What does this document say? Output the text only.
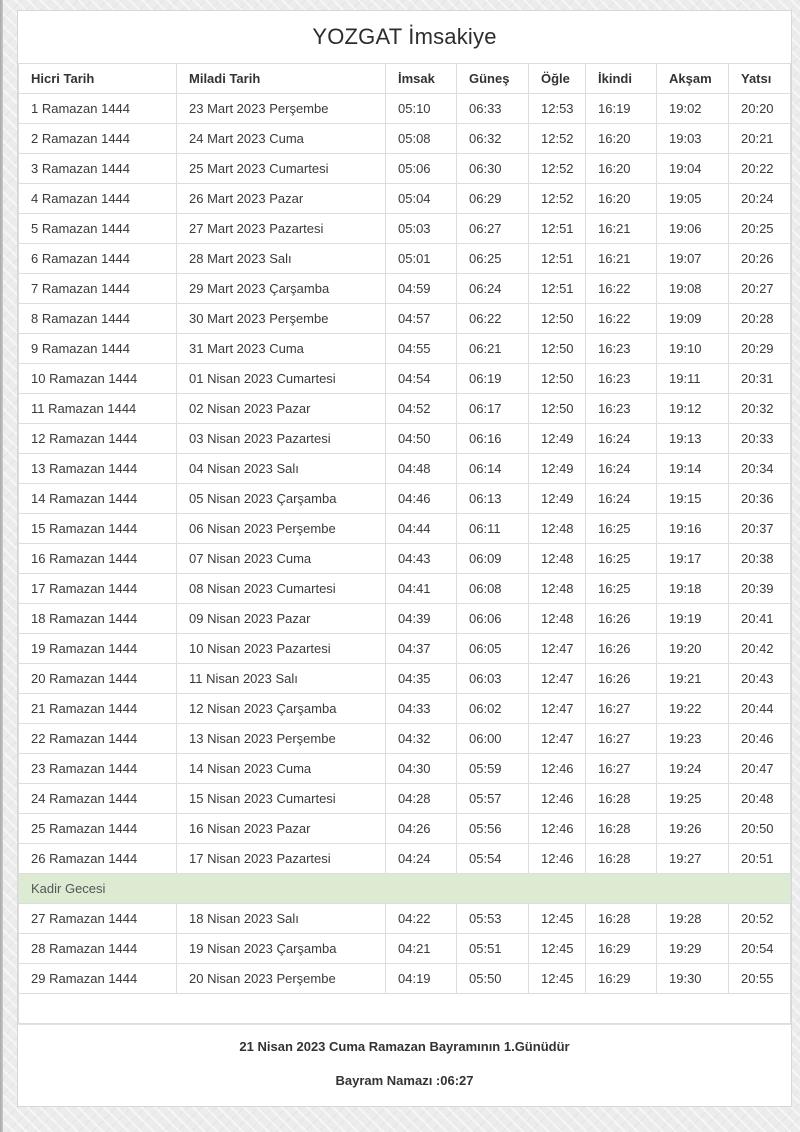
YOZGAT İmsakiye
Hicri Tarih	Miladi Tarih	İmsak	Güneş	Öğle	İkindi	Akşam	Yatsı
1 Ramazan 1444	23 Mart 2023 Perşembe	05:10	06:33	12:53	16:19	19:02	20:20
2 Ramazan 1444	24 Mart 2023 Cuma	05:08	06:32	12:52	16:20	19:03	20:21
3 Ramazan 1444	25 Mart 2023 Cumartesi	05:06	06:30	12:52	16:20	19:04	20:22
4 Ramazan 1444	26 Mart 2023 Pazar	05:04	06:29	12:52	16:20	19:05	20:24
5 Ramazan 1444	27 Mart 2023 Pazartesi	05:03	06:27	12:51	16:21	19:06	20:25
6 Ramazan 1444	28 Mart 2023 Salı	05:01	06:25	12:51	16:21	19:07	20:26
7 Ramazan 1444	29 Mart 2023 Çarşamba	04:59	06:24	12:51	16:22	19:08	20:27
8 Ramazan 1444	30 Mart 2023 Perşembe	04:57	06:22	12:50	16:22	19:09	20:28
9 Ramazan 1444	31 Mart 2023 Cuma	04:55	06:21	12:50	16:23	19:10	20:29
10 Ramazan 1444	01 Nisan 2023 Cumartesi	04:54	06:19	12:50	16:23	19:11	20:31
11 Ramazan 1444	02 Nisan 2023 Pazar	04:52	06:17	12:50	16:23	19:12	20:32
12 Ramazan 1444	03 Nisan 2023 Pazartesi	04:50	06:16	12:49	16:24	19:13	20:33
13 Ramazan 1444	04 Nisan 2023 Salı	04:48	06:14	12:49	16:24	19:14	20:34
14 Ramazan 1444	05 Nisan 2023 Çarşamba	04:46	06:13	12:49	16:24	19:15	20:36
15 Ramazan 1444	06 Nisan 2023 Perşembe	04:44	06:11	12:48	16:25	19:16	20:37
16 Ramazan 1444	07 Nisan 2023 Cuma	04:43	06:09	12:48	16:25	19:17	20:38
17 Ramazan 1444	08 Nisan 2023 Cumartesi	04:41	06:08	12:48	16:25	19:18	20:39
18 Ramazan 1444	09 Nisan 2023 Pazar	04:39	06:06	12:48	16:26	19:19	20:41
19 Ramazan 1444	10 Nisan 2023 Pazartesi	04:37	06:05	12:47	16:26	19:20	20:42
20 Ramazan 1444	11 Nisan 2023 Salı	04:35	06:03	12:47	16:26	19:21	20:43
21 Ramazan 1444	12 Nisan 2023 Çarşamba	04:33	06:02	12:47	16:27	19:22	20:44
22 Ramazan 1444	13 Nisan 2023 Perşembe	04:32	06:00	12:47	16:27	19:23	20:46
23 Ramazan 1444	14 Nisan 2023 Cuma	04:30	05:59	12:46	16:27	19:24	20:47
24 Ramazan 1444	15 Nisan 2023 Cumartesi	04:28	05:57	12:46	16:28	19:25	20:48
25 Ramazan 1444	16 Nisan 2023 Pazar	04:26	05:56	12:46	16:28	19:26	20:50
26 Ramazan 1444	17 Nisan 2023 Pazartesi	04:24	05:54	12:46	16:28	19:27	20:51
Kadir Gecesi							
27 Ramazan 1444	18 Nisan 2023 Salı	04:22	05:53	12:45	16:28	19:28	20:52
28 Ramazan 1444	19 Nisan 2023 Çarşamba	04:21	05:51	12:45	16:29	19:29	20:54
29 Ramazan 1444	20 Nisan 2023 Perşembe	04:19	05:50	12:45	16:29	19:30	20:55

21 Nisan 2023 Cuma Ramazan Bayramının 1.Günüdür

Bayram Namazı :06:27
